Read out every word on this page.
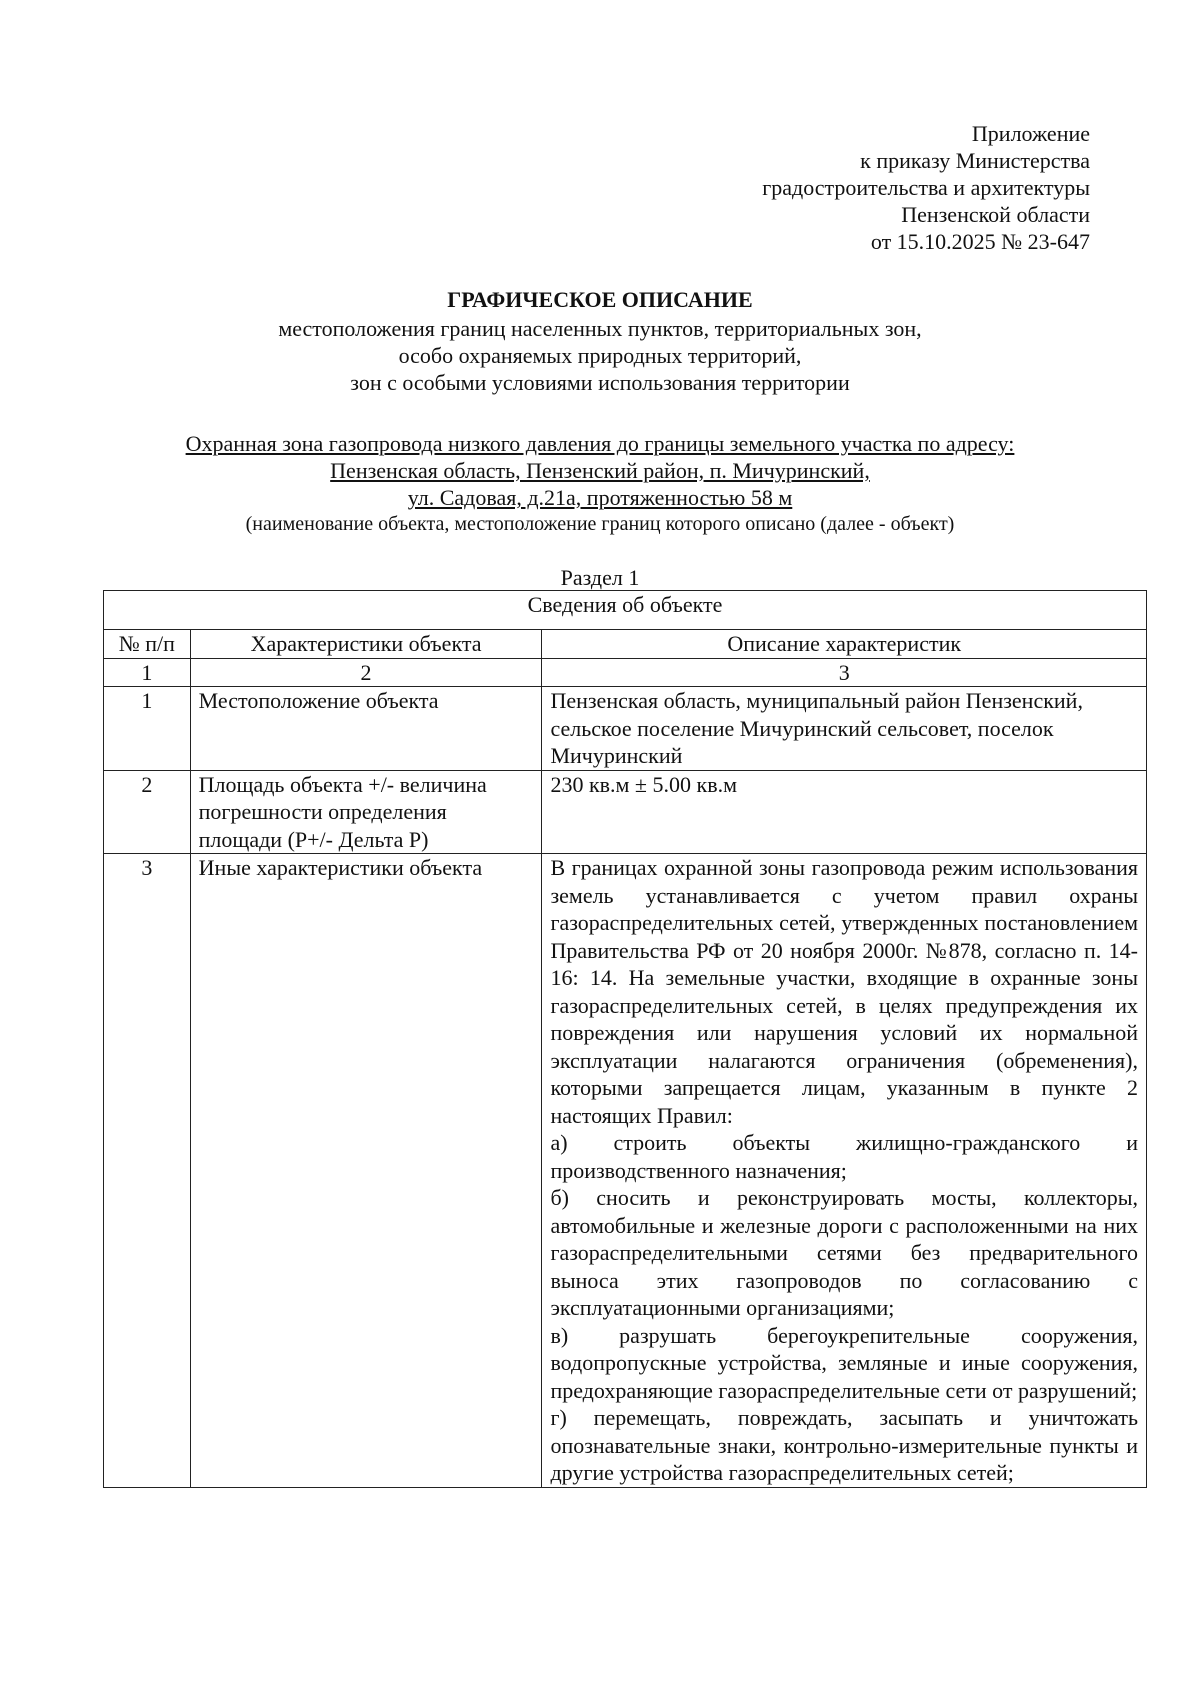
Приложение
к приказу Министерства
градостроительства и архитектуры
Пензенской области
от 15.10.2025 № 23-647
ГРАФИЧЕСКОЕ ОПИСАНИЕ
местоположения границ населенных пунктов, территориальных зон,
особо охраняемых природных территорий,
зон с особыми условиями использования территории
Охранная зона газопровода низкого давления до границы земельного участка по адресу:
Пензенская область, Пензенский район, п. Мичуринский,
ул. Садовая, д.21а, протяженностью 58 м
(наименование объекта, местоположение границ которого описано (далее - объект)
Раздел 1
Сведения об объекте		
№ п/п	Характеристики объекта	Описание характеристик
1	2	3
1	Местоположение объекта	Пензенская область, муниципальный район Пензенский, сельское поселение Мичуринский сельсовет, поселок Мичуринский
2	Площадь объекта +/- величина погрешности определения площади (P+/- Дельта P)	230 кв.м ± 5.00 кв.м
3	Иные характеристики объекта	В границах охранной зоны газопровода режим использования земель устанавливается с учетом правил охраны газораспределительных сетей, утвержденных постановлением Правительства РФ от 20 ноября 2000г. №878, согласно п. 14-16: 14. На земельные участки, входящие в охранные зоны газораспределительных сетей, в целях предупреждения их повреждения или нарушения условий их нормальной эксплуатации налагаются ограничения (обременения), которыми запрещается лицам, указанным в пункте 2 настоящих Правил:

а) строить объекты жилищно-гражданского и производственного назначения;

б) сносить и реконструировать мосты, коллекторы, автомобильные и железные дороги с расположенными на них газораспределительными сетями без предварительного выноса этих газопроводов по согласованию с эксплуатационными организациями;

в) разрушать берегоукрепительные сооружения, водопропускные устройства, земляные и иные сооружения, предохраняющие газораспределительные сети от разрушений;

г) перемещать, повреждать, засыпать и уничтожать опознавательные знаки, контрольно-измерительные пункты и другие устройства газораспределительных сетей;
